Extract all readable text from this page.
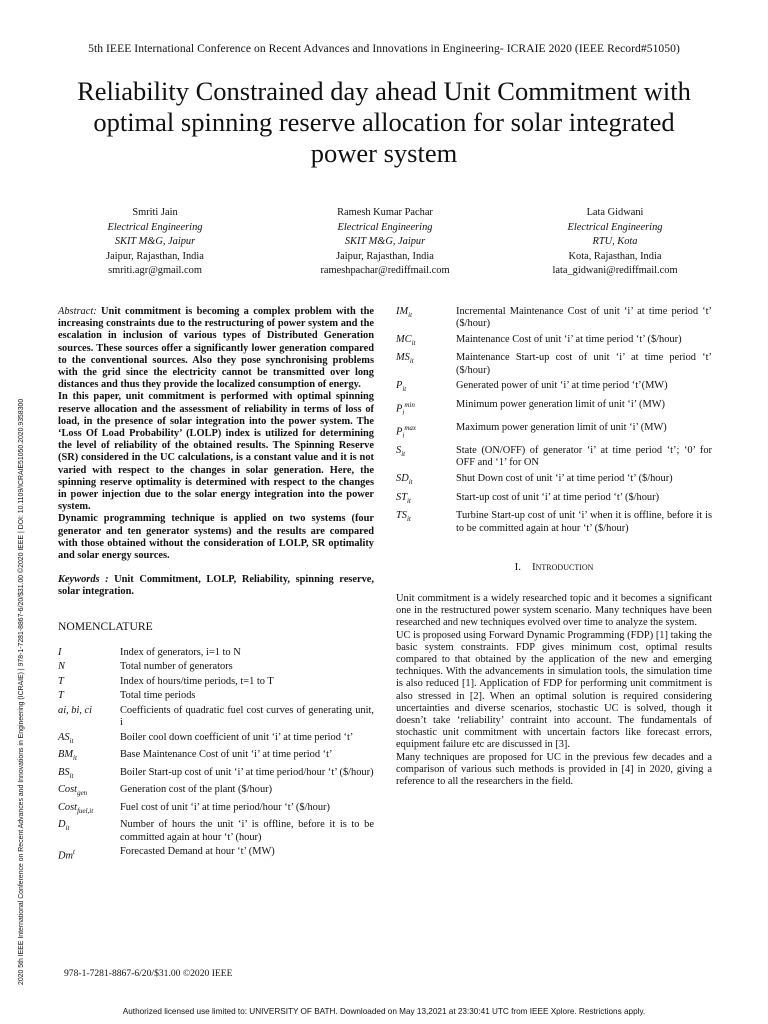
5th IEEE International Conference on Recent Advances and Innovations in Engineering- ICRAIE 2020 (IEEE Record#51050)
Reliability Constrained day ahead Unit Commitment with optimal spinning reserve allocation for solar integrated power system
Smriti Jain
Electrical Engineering
SKIT M&G, Jaipur
Jaipur, Rajasthan, India
smriti.agr@gmail.com
Ramesh Kumar Pachar
Electrical Engineering
SKIT M&G, Jaipur
Jaipur, Rajasthan, India
rameshpachar@rediffmail.com
Lata Gidwani
Electrical Engineering
RTU, Kota
Kota, Rajasthan, India
lata_gidwani@rediffmail.com
2020 5th IEEE International Conference on Recent Advances and Innovations in Engineering (ICRAIE) | 978-1-7281-8867-6/20/$31.00 ©2020 IEEE | DOI: 10.1109/ICRAIE51050.2020.9358300

Abstract: Unit commitment is becoming a complex problem with the increasing constraints due to the restructuring of power system and the escalation in inclusion of various types of Distributed Generation sources. These sources offer a significantly lower generation compared to the conventional sources. Also they pose synchronising problems with the grid since the electricity cannot be transmitted over long distances and thus they provide the localized consumption of energy.

In this paper, unit commitment is performed with optimal spinning reserve allocation and the assessment of reliability in terms of loss of load, in the presence of solar integration into the power system. The ‘Loss Of Load Probability’ (LOLP) index is utilized for determining the level of reliability of the obtained results. The Spinning Reserve (SR) considered in the UC calculations, is a constant value and it is not varied with respect to the changes in solar generation. Here, the spinning reserve optimality is determined with respect to the changes in power injection due to the solar energy integration into the power system.

Dynamic programming technique is applied on two systems (four generator and ten generator systems) and the results are compared with those obtained without the consideration of LOLP, SR optimality and solar energy sources.

Keywords : Unit Commitment, LOLP, Reliability, spinning reserve, solar integration.
NOMENCLATURE
I	Index of generators, i=1 to N
N	Total number of generators
T	Index of hours/time periods, t=1 to T
T	Total time periods
ai, bi, ci	Coefficients of quadratic fuel cost curves of generating unit, i
$AS_{it}$	Boiler cool down coefficient of unit ‘i’ at time period ‘t’
$BM_{it}$	Base Maintenance Cost of unit ‘i’ at time period ‘t’
$BS_{it}$	Boiler Start-up cost of unit ‘i’ at time period/hour ‘t’ ($/hour)
Cost$_{gen}$	Generation cost of the plant ($/hour)
Cost$_{fuel,it}$	Fuel cost of unit ‘i’ at time period/hour ‘t’ ($/hour)
$D_{it}$	Number of hours the unit ‘i’ is offline, before it is to be committed again at hour ‘t’ (hour)
Dm$^t$	Forecasted Demand at hour ‘t’ (MW)
$IM_{it}$	Incremental Maintenance Cost of unit ‘i’ at time period ‘t’ ($/hour)
$MC_{it}$	Maintenance Cost of unit ‘i’ at time period ‘t’ ($/hour)
$MS_{it}$	Maintenance Start-up cost of unit ‘i’ at time period ‘t’ ($/hour)
$P_{it}$	Generated power of unit ‘i’ at time period ‘t’(MW)
$P_i^{min}$	Minimum power generation limit of unit ‘i’ (MW)
$P_i^{max}$	Maximum power generation limit of unit ‘i’ (MW)
$S_{it}$	State (ON/OFF) of generator ‘i’ at time period ‘t’; ‘0’ for OFF and ‘1’ for ON
$SD_{it}$	Shut Down cost of unit ‘i’ at time period ‘t’ ($/hour)
$ST_{it}$	Start-up cost of unit ‘i’ at time period ‘t’ ($/hour)
$TS_{it}$	Turbine Start-up cost of unit ‘i’ when it is offline, before it is to be committed again at hour ‘t’ ($/hour)
I. Introduction

Unit commitment is a widely researched topic and it becomes a significant one in the restructured power system scenario. Many techniques have been researched and new techniques evolved over time to analyze the system.

UC is proposed using Forward Dynamic Programming (FDP) [1] taking the basic system constraints. FDP gives minimum cost, optimal results compared to that obtained by the application of the new and emerging techniques. With the advancements in simulation tools, the simulation time is also reduced [1]. Application of FDP for performing unit commitment is also stressed in [2]. When an optimal solution is required considering uncertainties and diverse scenarios, stochastic UC is solved, though it doesn’t take ‘reliability’ contraint into account. The fundamentals of stochastic unit commitment with uncertain factors like forecast errors, equipment failure etc are discussed in [3].

Many techniques are proposed for UC in the previous few decades and a comparison of various such methods is provided in [4] in 2020, giving a reference to all the researchers in the field.

978-1-7281-8867-6/20/$31.00 ©2020 IEEE
Authorized licensed use limited to: UNIVERSITY OF BATH. Downloaded on May 13,2021 at 23:30:41 UTC from IEEE Xplore. Restrictions apply.
